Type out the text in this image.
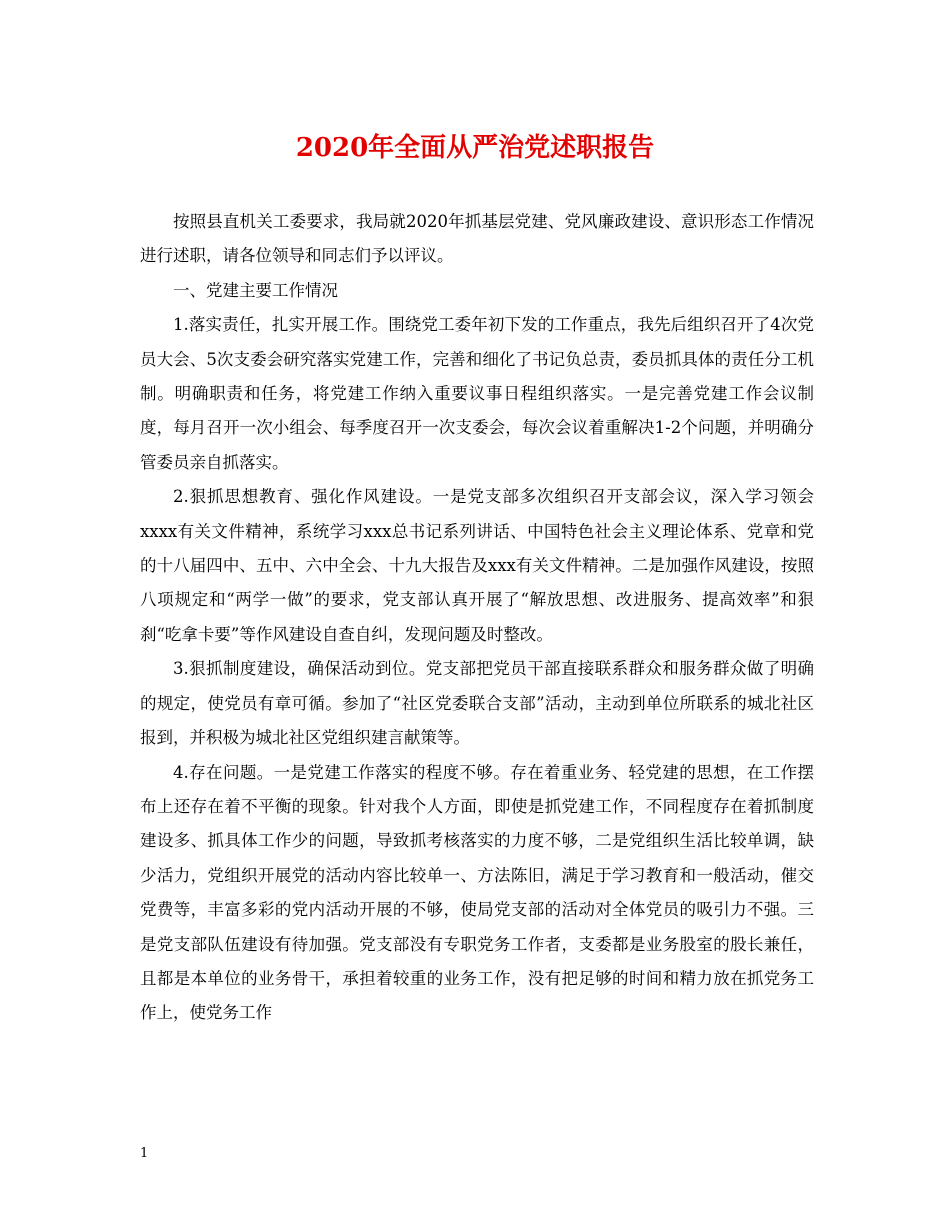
2020年全面从严治党述职报告

按照县直机关工委要求，我局就2020年抓基层党建、党风廉政建设、意识形态工作情况进行述职，请各位领导和同志们予以评议。

一、党建主要工作情况

1.落实责任，扎实开展工作。围绕党工委年初下发的工作重点，我先后组织召开了4次党员大会、5次支委会研究落实党建工作，完善和细化了书记负总责，委员抓具体的责任分工机制。明确职责和任务，将党建工作纳入重要议事日程组织落实。一是完善党建工作会议制度，每月召开一次小组会、每季度召开一次支委会，每次会议着重解决1-2个问题，并明确分管委员亲自抓落实。

2.狠抓思想教育、强化作风建设。一是党支部多次组织召开支部会议，深入学习领会xxxx有关文件精神，系统学习xxx总书记系列讲话、中国特色社会主义理论体系、党章和党的十八届四中、五中、六中全会、十九大报告及xxx有关文件精神。二是加强作风建设，按照八项规定和“两学一做”的要求，党支部认真开展了“解放思想、改进服务、提高效率”和狠刹“吃拿卡要”等作风建设自查自纠，发现问题及时整改。

3.狠抓制度建设，确保活动到位。党支部把党员干部直接联系群众和服务群众做了明确的规定，使党员有章可循。参加了“社区党委联合支部”活动，主动到单位所联系的城北社区报到，并积极为城北社区党组织建言献策等。

4.存在问题。一是党建工作落实的程度不够。存在着重业务、轻党建的思想，在工作摆布上还存在着不平衡的现象。针对我个人方面，即使是抓党建工作，不同程度存在着抓制度建设多、抓具体工作少的问题，导致抓考核落实的力度不够，二是党组织生活比较单调，缺少活力，党组织开展党的活动内容比较单一、方法陈旧，满足于学习教育和一般活动，催交党费等，丰富多彩的党内活动开展的不够，使局党支部的活动对全体党员的吸引力不强。三是党支部队伍建设有待加强。党支部没有专职党务工作者，支委都是业务股室的股长兼任，且都是本单位的业务骨干，承担着较重的业务工作，没有把足够的时间和精力放在抓党务工作上，使党务工作

1
